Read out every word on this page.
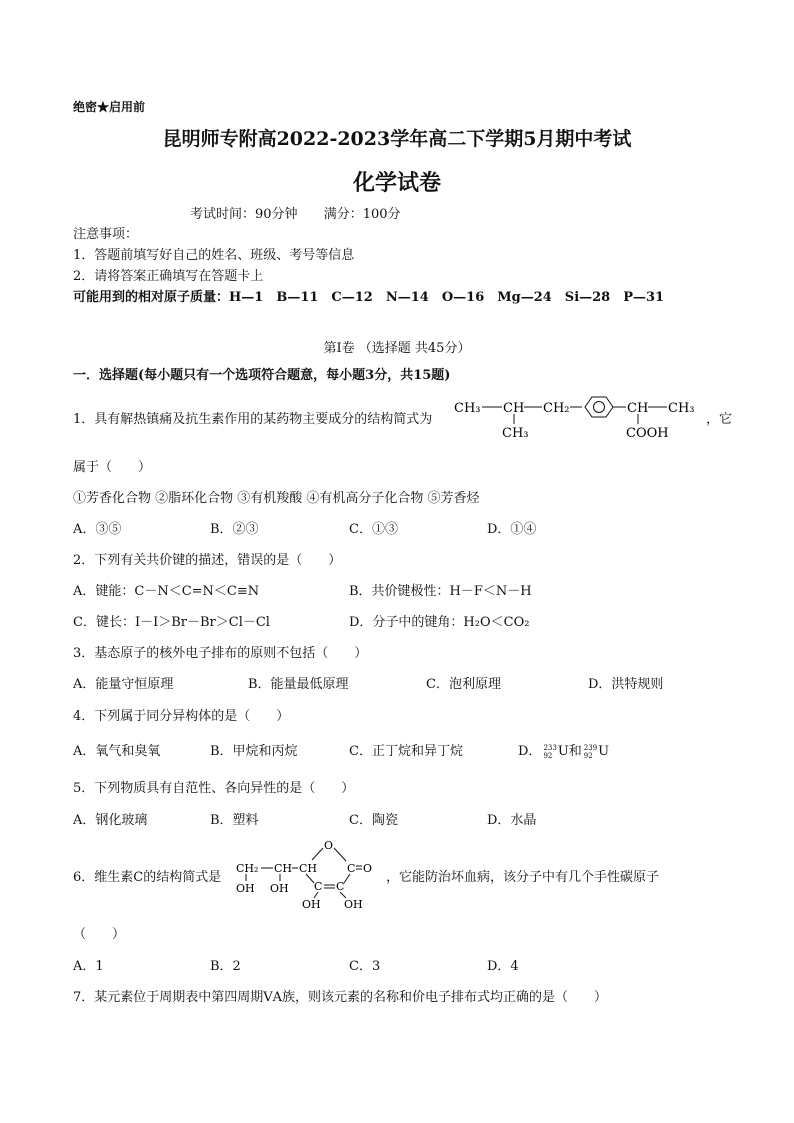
绝密★启用前
昆明师专附高2022-2023学年高二下学期5月期中考试
化学试卷
考试时间：90分钟 满分：100分
注意事项：
1．答题前填写好自己的姓名、班级、考号等信息
2．请将答案正确填写在答题卡上
可能用到的相对原子质量：H—1　B—11　C—12　N—14　O—16　Mg—24　Si—28　P—31
第Ⅰ卷 （选择题 共45分）
一．选择题(每小题只有一个选项符合题意，每小题3分，共15题)
1．具有解热镇痛及抗生素作用的某药物主要成分的结构简式为
CH₃ CH CH₂
CH₃
CH CH₃
COOH
，它
属于（　　）
①芳香化合物 ②脂环化合物 ③有机羧酸 ④有机高分子化合物 ⑤芳香烃
A．③⑤	B．②③	C．①③	D．①④
2．下列有关共价键的描述，错误的是（　　）
A．键能：C－N＜C=N＜C≡N	B．共价键极性：H－F＜N－H
C．键长：I－I＞Br－Br＞Cl－Cl	D．分子中的键角：H₂O＜CO₂
3．基态原子的核外电子排布的原则不包括（　　）
A．能量守恒原理	B．能量最低原理	C．泡利原理	D．洪特规则
4．下列属于同分异构体的是（　　）
A．氧气和臭氧	B．甲烷和丙烷	C．正丁烷和异丁烷	D． 233
92 U和 239
92 U
5．下列物质具有自范性、各向异性的是（　　）
A．钢化玻璃	B．塑料	C．陶瓷	D．水晶
6．维生素C的结构简式是
O
CH₂ CH CH	C O
C C
OH OH
OH OH
，它能防治坏血病，该分子中有几个手性碳原子
（　　）
A．1	B．2	C．3	D．4
7．某元素位于周期表中第四周期ⅤA族，则该元素的名称和价电子排布式均正确的是（　　）
